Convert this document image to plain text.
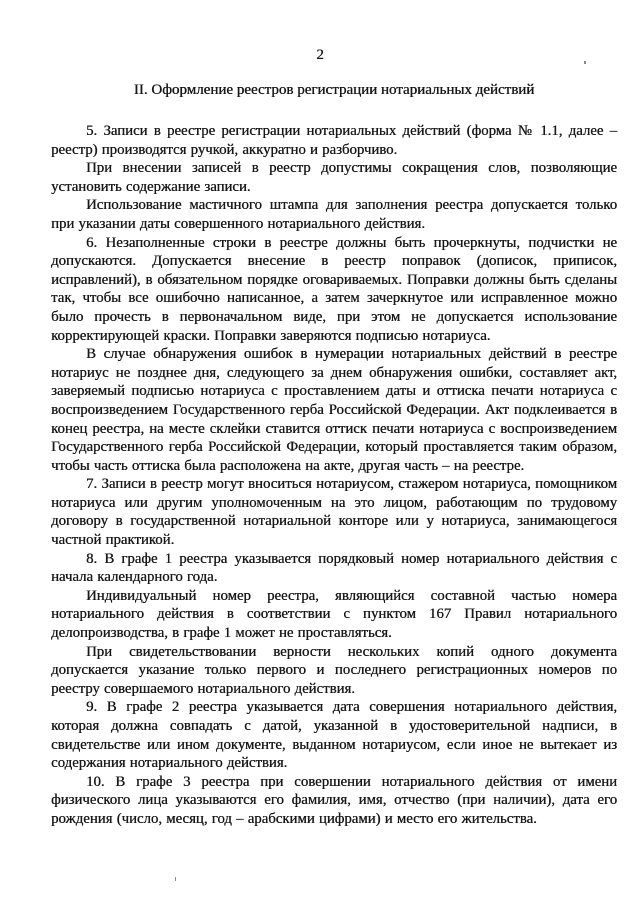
2
II. Оформление реестров регистрации нотариальных действий

5. Записи в реестре регистрации нотариальных действий (форма № 1.1, далее – реестр) производятся ручкой, аккуратно и разборчиво.

При внесении записей в реестр допустимы сокращения слов, позволяющие установить содержание записи.

Использование мастичного штампа для заполнения реестра допускается только при указании даты совершенного нотариального действия.

6. Незаполненные строки в реестре должны быть прочеркнуты, подчистки не допускаются. Допускается внесение в реестр поправок (дописок, приписок, исправлений), в обязательном порядке оговариваемых. Поправки должны быть сделаны так, чтобы все ошибочно написанное, а затем зачеркнутое или исправленное можно было прочесть в первоначальном виде, при этом не допускается использование корректирующей краски. Поправки заверяются подписью нотариуса.

В случае обнаружения ошибок в нумерации нотариальных действий в реестре нотариус не позднее дня, следующего за днем обнаружения ошибки, составляет акт, заверяемый подписью нотариуса с проставлением даты и оттиска печати нотариуса с воспроизведением Государственного герба Российской Федерации. Акт подклеивается в конец реестра, на месте склейки ставится оттиск печати нотариуса с воспроизведением Государственного герба Российской Федерации, который проставляется таким образом, чтобы часть оттиска была расположена на акте, другая часть – на реестре.

7. Записи в реестр могут вноситься нотариусом, стажером нотариуса, помощником нотариуса или другим уполномоченным на это лицом, работающим по трудовому договору в государственной нотариальной конторе или у нотариуса, занимающегося частной практикой.

8. В графе 1 реестра указывается порядковый номер нотариального действия с начала календарного года.

Индивидуальный номер реестра, являющийся составной частью номера нотариального действия в соответствии с пунктом 167 Правил нотариального делопроизводства, в графе 1 может не проставляться.

При свидетельствовании верности нескольких копий одного документа допускается указание только первого и последнего регистрационных номеров по реестру совершаемого нотариального действия.

9. В графе 2 реестра указывается дата совершения нотариального действия, которая должна совпадать с датой, указанной в удостоверительной надписи, в свидетельстве или ином документе, выданном нотариусом, если иное не вытекает из содержания нотариального действия.

10. В графе 3 реестра при совершении нотариального действия от имени физического лица указываются его фамилия, имя, отчество (при наличии), дата его рождения (число, месяц, год – арабскими цифрами) и место его жительства.
